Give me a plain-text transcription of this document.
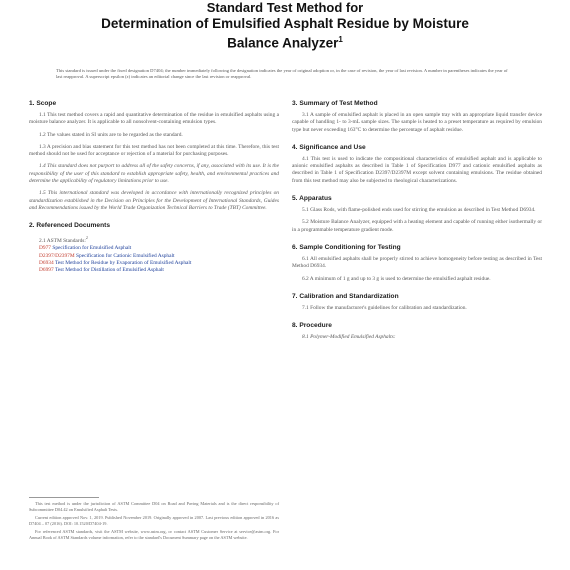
Standard Test Method for
Determination of Emulsified Asphalt Residue by Moisture
Balance Analyzer$^1$
This standard is issued under the fixed designation D7404; the number immediately following the designation indicates the year of original adoption or, in the case of revision, the year of last revision. A number in parentheses indicates the year of last reapproval. A superscript epsilon (ε) indicates an editorial change since the last revision or reapproval.
1. Scope

1.1 This test method covers a rapid and quantitative determination of the residue in emulsified asphalts using a moisture balance analyzer. It is applicable to all nonsolvent-containing emulsion types.

1.2 The values stated in SI units are to be regarded as the standard.

1.3 A precision and bias statement for this test method has not been completed at this time. Therefore, this test method should not be used for acceptance or rejection of a material for purchasing purposes.

1.4 This standard does not purport to address all of the safety concerns, if any, associated with its use. It is the responsibility of the user of this standard to establish appropriate safety, health, and environmental practices and determine the applicability of regulatory limitations prior to use.

1.5 This international standard was developed in accordance with internationally recognized principles on standardization established in the Decision on Principles for the Development of International Standards, Guides and Recommendations issued by the World Trade Organization Technical Barriers to Trade (TBT) Committee.

2. Referenced Documents
2.1 ASTM Standards:$^2$
D977 Specification for Emulsified Asphalt
D2397/D2397M Specification for Cationic Emulsified Asphalt
D6934 Test Method for Residue by Evaporation of Emulsified Asphalt
D6997 Test Method for Distillation of Emulsified Asphalt

This test method is under the jurisdiction of ASTM Committee D04 on Road and Paving Materials and is the direct responsibility of Subcommittee D04.42 on Emulsified Asphalt Tests.

Current edition approved Nov. 1, 2019. Published November 2019. Originally approved in 2007. Last previous edition approved in 2016 as D7404 – 07 (2016). DOI: 10.1520/D7404-19.

For referenced ASTM standards, visit the ASTM website, www.astm.org, or contact ASTM Customer Service at service@astm.org. For Annual Book of ASTM Standards volume information, refer to the standard's Document Summary page on the ASTM website.

3. Summary of Test Method

3.1 A sample of emulsified asphalt is placed in an open sample tray with an appropriate liquid transfer device capable of handling 1- to 3-mL sample sizes. The sample is heated to a preset temperature as required by emulsion type but never exceeding 163°C to determine the percentage of asphalt residue.

4. Significance and Use

4.1 This test is used to indicate the compositional characteristics of emulsified asphalt and is applicable to anionic emulsified asphalts as described in Table 1 of Specification D977 and cationic emulsified asphalts as described in Table 1 of Specification D2397/D2397M except solvent containing emulsions. The residue obtained from this test method may also be subjected to rheological characterizations.

5. Apparatus

5.1 Glass Rods, with flame-polished ends used for stirring the emulsion as described in Test Method D6934.

5.2 Moisture Balance Analyzer, equipped with a heating element and capable of running either isothermally or in a programmable temperature gradient mode.

6. Sample Conditioning for Testing

6.1 All emulsified asphalts shall be properly stirred to achieve homogeneity before testing as described in Test Method D6934.

6.2 A minimum of 1 g and up to 3 g is used to determine the emulsified asphalt residue.

7. Calibration and Standardization

7.1 Follow the manufacturer's guidelines for calibration and standardization.

8. Procedure

8.1 Polymer-Modified Emulsified Asphalts:
